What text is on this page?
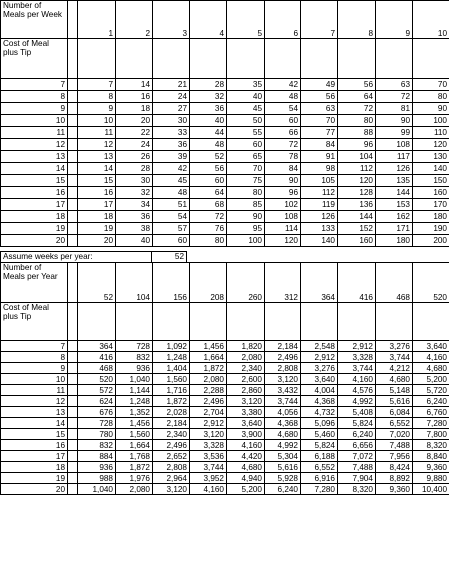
Number of Meals per Week		1	2	3	4	5	6	7	8	9	10
Cost of Meal plus Tip											
7		7	14	21	28	35	42	49	56	63	70
8		8	16	24	32	40	48	56	64	72	80
9		9	18	27	36	45	54	63	72	81	90
10		10	20	30	40	50	60	70	80	90	100
11		11	22	33	44	55	66	77	88	99	110
12		12	24	36	48	60	72	84	96	108	120
13		13	26	39	52	65	78	91	104	117	130
14		14	28	42	56	70	84	98	112	126	140
15		15	30	45	60	75	90	105	120	135	150
16		16	32	48	64	80	96	112	128	144	160
17		17	34	51	68	85	102	119	136	153	170
18		18	36	54	72	90	108	126	144	162	180
19		19	38	57	76	95	114	133	152	171	190
20		20	40	60	80	100	120	140	160	180	200
Assume weeks per year:	52
Number of Meals per Year		52	104	156	208	260	312	364	416	468	520
Cost of Meal plus Tip											
7		364	728	1,092	1,456	1,820	2,184	2,548	2,912	3,276	3,640
8		416	832	1,248	1,664	2,080	2,496	2,912	3,328	3,744	4,160
9		468	936	1,404	1,872	2,340	2,808	3,276	3,744	4,212	4,680
10		520	1,040	1,560	2,080	2,600	3,120	3,640	4,160	4,680	5,200
11		572	1,144	1,716	2,288	2,860	3,432	4,004	4,576	5,148	5,720
12		624	1,248	1,872	2,496	3,120	3,744	4,368	4,992	5,616	6,240
13		676	1,352	2,028	2,704	3,380	4,056	4,732	5,408	6,084	6,760
14		728	1,456	2,184	2,912	3,640	4,368	5,096	5,824	6,552	7,280
15		780	1,560	2,340	3,120	3,900	4,680	5,460	6,240	7,020	7,800
16		832	1,664	2,496	3,328	4,160	4,992	5,824	6,656	7,488	8,320
17		884	1,768	2,652	3,536	4,420	5,304	6,188	7,072	7,956	8,840
18		936	1,872	2,808	3,744	4,680	5,616	6,552	7,488	8,424	9,360
19		988	1,976	2,964	3,952	4,940	5,928	6,916	7,904	8,892	9,880
20		1,040	2,080	3,120	4,160	5,200	6,240	7,280	8,320	9,360	10,400
